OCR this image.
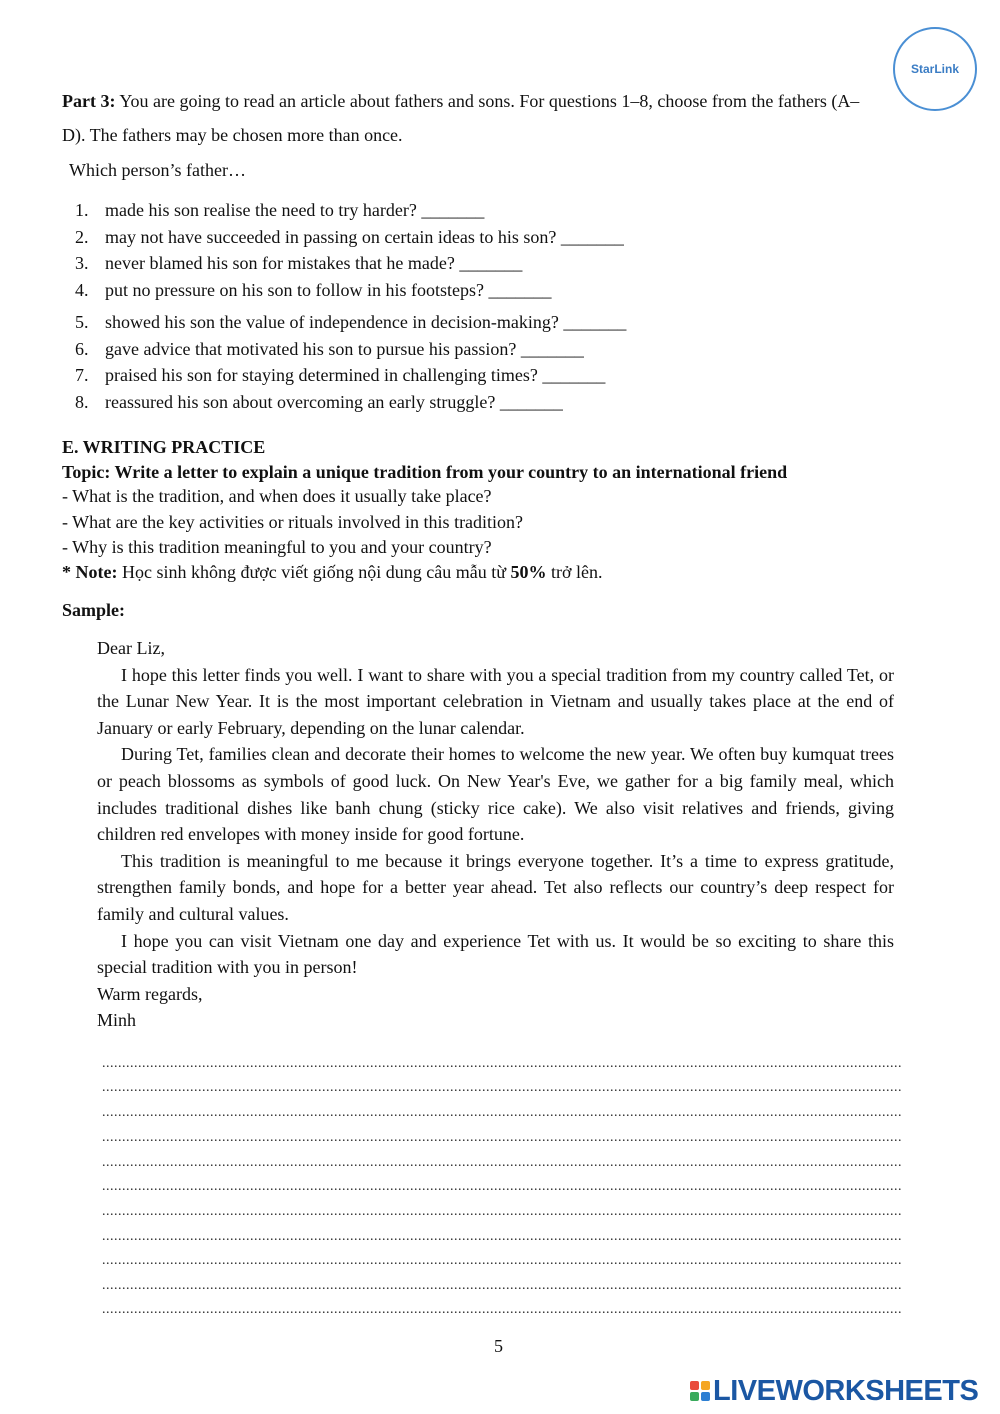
StarLink
Part 3: You are going to read an article about fathers and sons. For questions 1–8, choose from the fathers (A–D). The fathers may be chosen more than once.
Which person’s father…
1. made his son realise the need to try harder? _______
2. may not have succeeded in passing on certain ideas to his son? _______
3. never blamed his son for mistakes that he made? _______
4. put no pressure on his son to follow in his footsteps? _______
5. showed his son the value of independence in decision-making? _______
6. gave advice that motivated his son to pursue his passion? _______
7. praised his son for staying determined in challenging times? _______
8. reassured his son about overcoming an early struggle? _______
E. WRITING PRACTICE
Topic: Write a letter to explain a unique tradition from your country to an international friend
- What is the tradition, and when does it usually take place?
- What are the key activities or rituals involved in this tradition?
- Why is this tradition meaningful to you and your country?
* Note: Học sinh không được viết giống nội dung câu mẫu từ 50% trở lên.
Sample:

Dear Liz,

I hope this letter finds you well. I want to share with you a special tradition from my country called Tet, or the Lunar New Year. It is the most important celebration in Vietnam and usually takes place at the end of January or early February, depending on the lunar calendar.

During Tet, families clean and decorate their homes to welcome the new year. We often buy kumquat trees or peach blossoms as symbols of good luck. On New Year's Eve, we gather for a big family meal, which includes traditional dishes like banh chung (sticky rice cake). We also visit relatives and friends, giving children red envelopes with money inside for good fortune.

This tradition is meaningful to me because it brings everyone together. It’s a time to express gratitude, strengthen family bonds, and hope for a better year ahead. Tet also reflects our country’s deep respect for family and cultural values.

I hope you can visit Vietnam one day and experience Tet with us. It would be so exciting to share this special tradition with you in person!

Warm regards,

Minh

........................................................................................................................................................................................................
........................................................................................................................................................................................................
........................................................................................................................................................................................................
........................................................................................................................................................................................................
........................................................................................................................................................................................................
........................................................................................................................................................................................................
........................................................................................................................................................................................................
........................................................................................................................................................................................................
........................................................................................................................................................................................................
........................................................................................................................................................................................................
........................................................................................................................................................................................................
5
LIVEWORKSHEETS
